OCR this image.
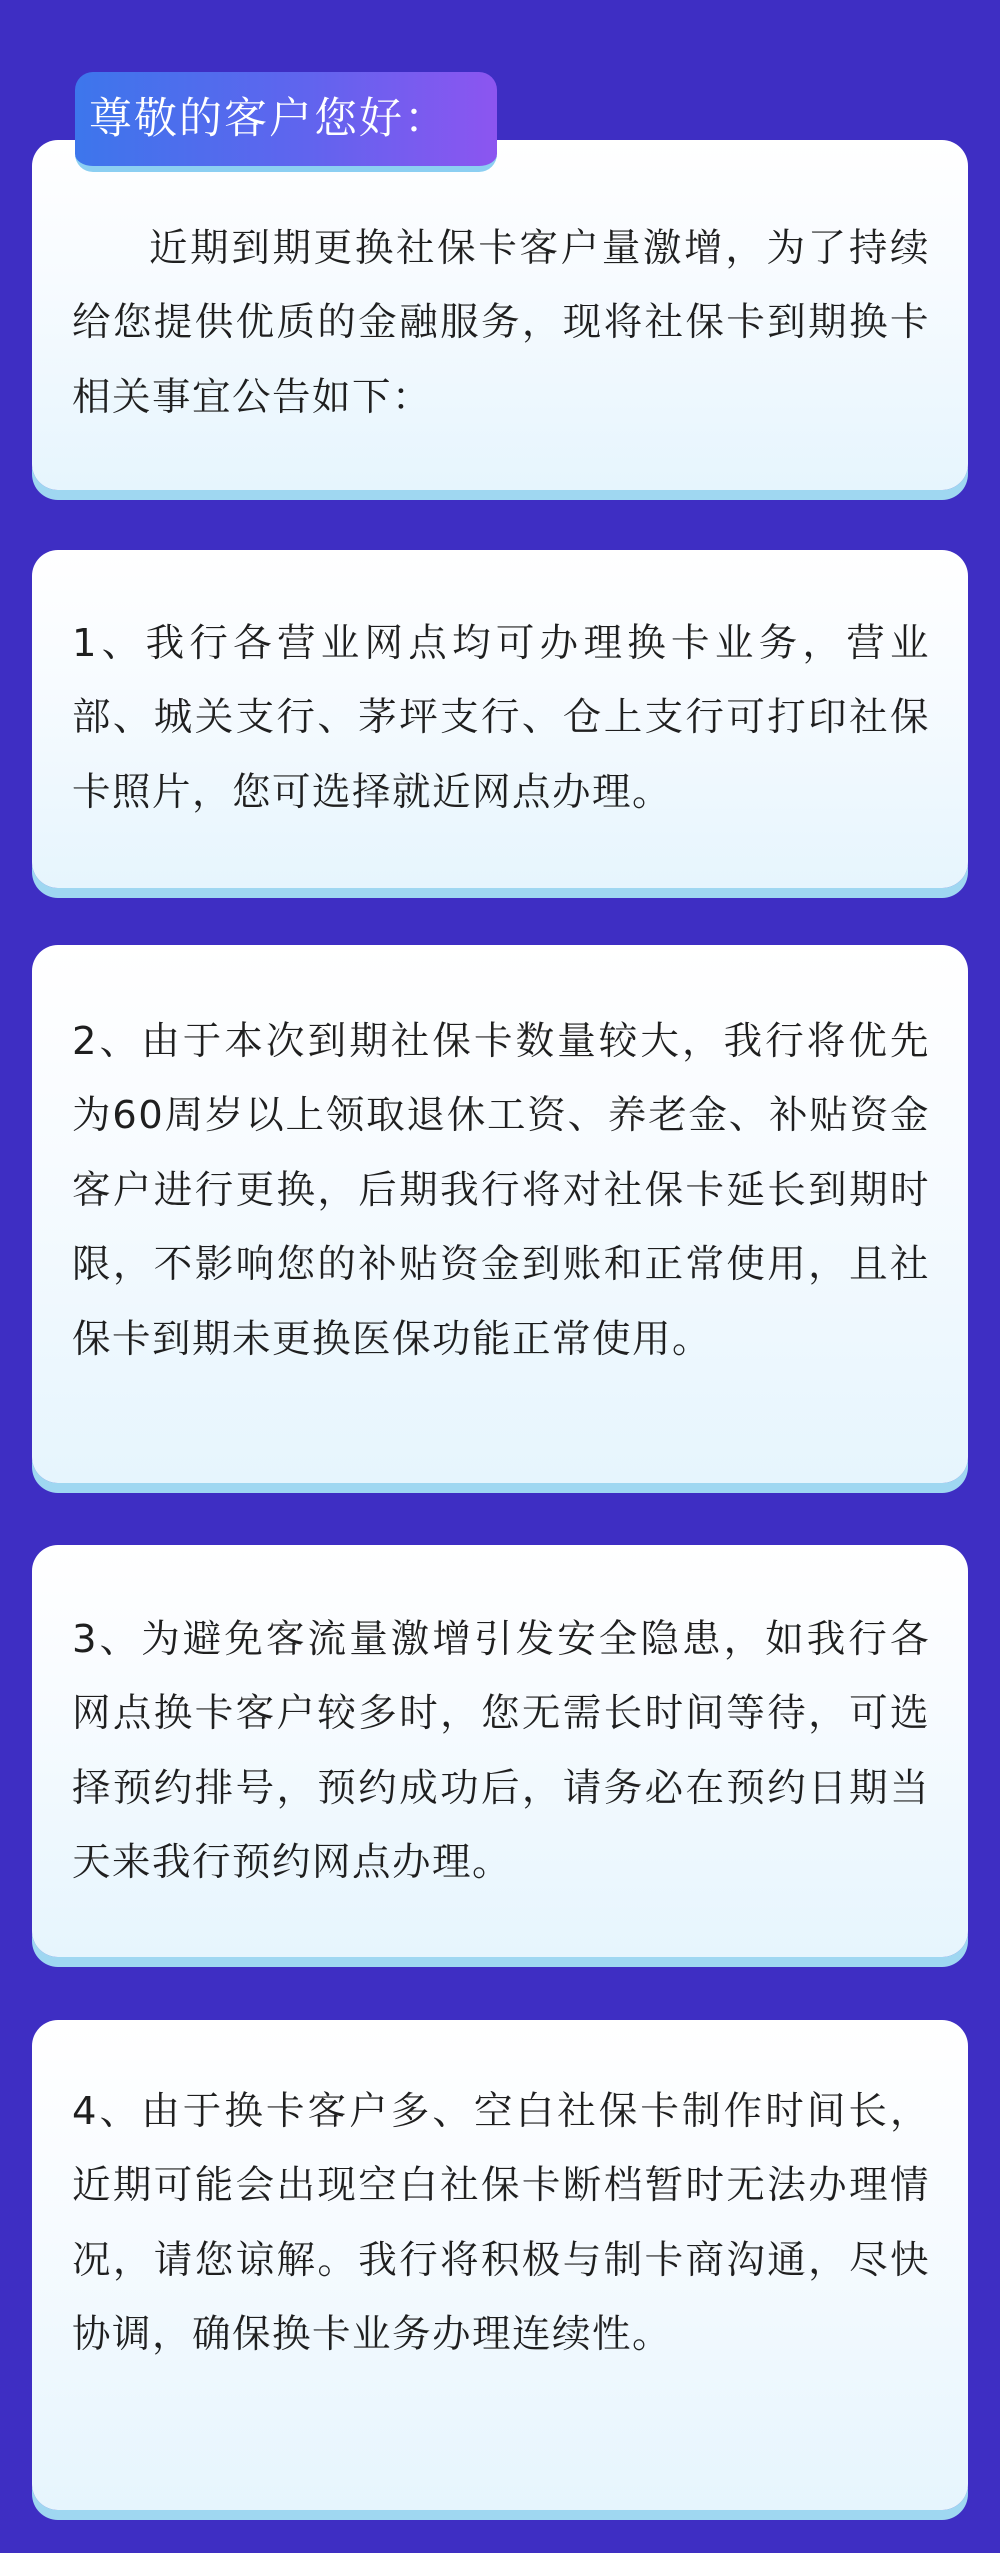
尊敬的客户您好：

近期到期更换社保卡客户量激增，为了持续给您提供优质的金融服务，现将社保卡到期换卡相关事宜公告如下：

1、我行各营业网点均可办理换卡业务，营业部、城关支行、茅坪支行、仓上支行可打印社保卡照片，您可选择就近网点办理。

2、由于本次到期社保卡数量较大，我行将优先为60周岁以上领取退休工资、养老金、补贴资金客户进行更换，后期我行将对社保卡延长到期时限，不影响您的补贴资金到账和正常使用，且社保卡到期未更换医保功能正常使用。

3、为避免客流量激增引发安全隐患，如我行各网点换卡客户较多时，您无需长时间等待，可选择预约排号，预约成功后，请务必在预约日期当天来我行预约网点办理。

4、由于换卡客户多、空白社保卡制作时间长，近期可能会出现空白社保卡断档暂时无法办理情况，请您谅解。我行将积极与制卡商沟通，尽快协调，确保换卡业务办理连续性。
